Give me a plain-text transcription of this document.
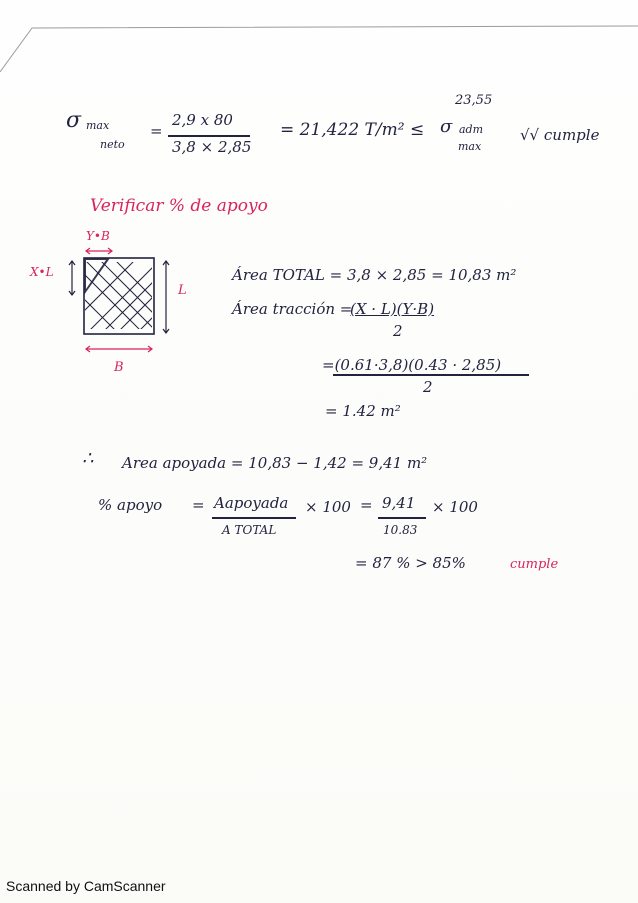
23,55
σ max
neto
=
2,9 x 80
3,8 × 2,85
= 21,422 T/m² ≤ σ adm
max
√√ cumple
Verificar % de apoyo
Y•B
X•L
L
B
Área TOTAL = 3,8 × 2,85 = 10,83 m²
Área tracción =
(X · L)(Y·B)
2
=(0.61·3,8)(0.43 · 2,85)
2
= 1.42 m²
∴ Area apoyada = 10,83 − 1,42 = 9,41 m²
% apoyo = Aapoyada
A TOTAL
× 100 = 9,41
10.83
× 100
= 87 % > 85%	cumple
Scanned by CamScanner
